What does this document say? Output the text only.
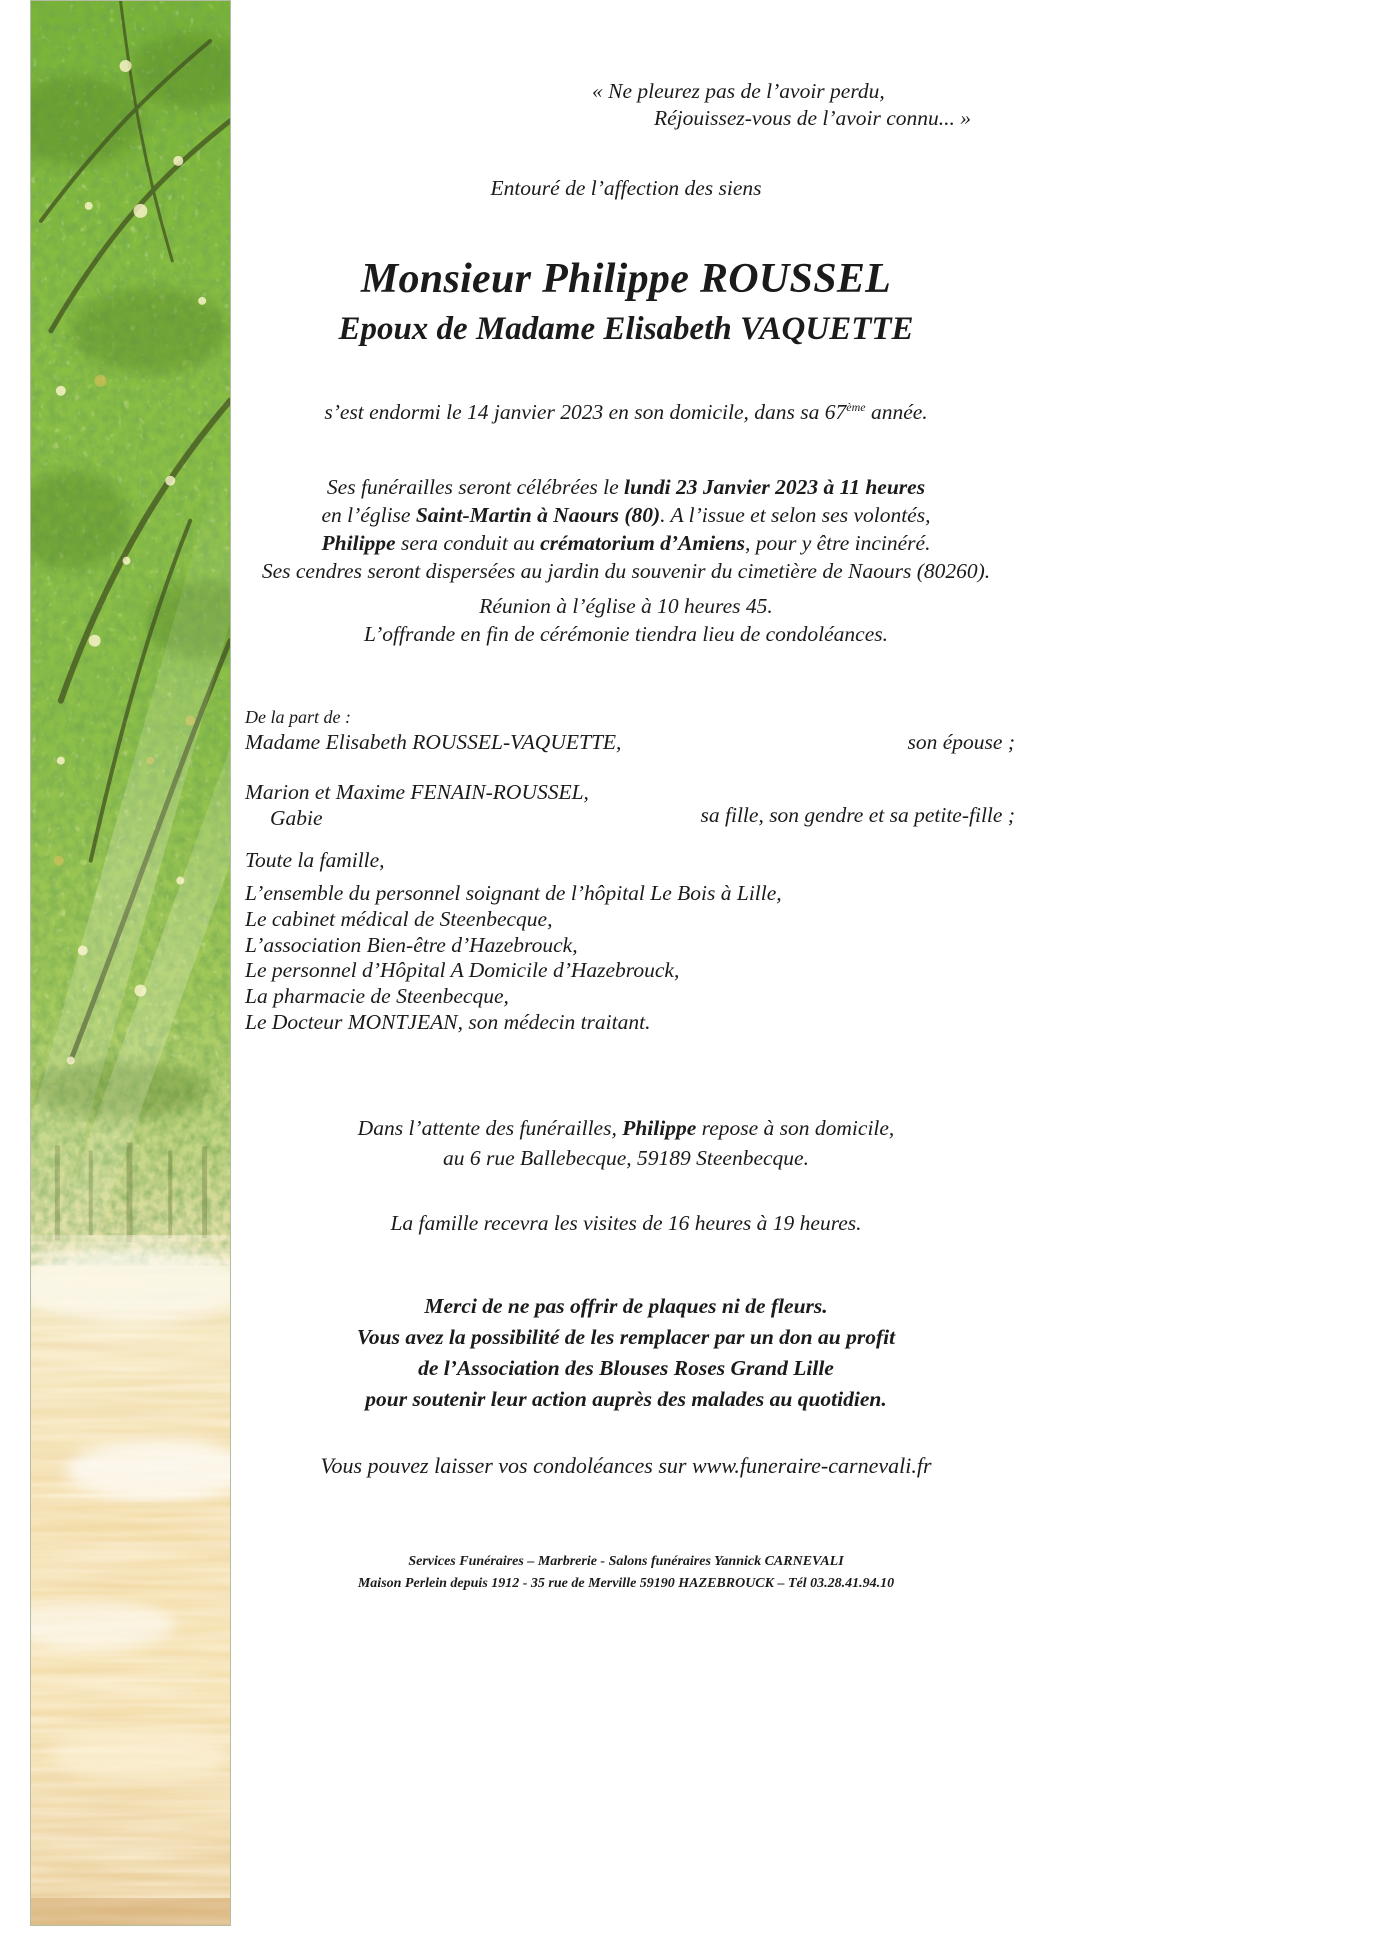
« Ne pleurez pas de l’avoir perdu,
Réjouissez-vous de l’avoir connu... »
Entouré de l’affection des siens
Monsieur Philippe ROUSSEL
Epoux de Madame Elisabeth VAQUETTE
s’est endormi le 14 janvier 2023 en son domicile, dans sa 67ème année.
Ses funérailles seront célébrées le lundi 23 Janvier 2023 à 11 heures
en l’église Saint-Martin à Naours (80). A l’issue et selon ses volontés,
Philippe sera conduit au crématorium d’Amiens, pour y être incinéré.
Ses cendres seront dispersées au jardin du souvenir du cimetière de Naours (80260).
Réunion à l’église à 10 heures 45.
L’offrande en fin de cérémonie tiendra lieu de condoléances.
De la part de :
Madame Elisabeth ROUSSEL-VAQUETTE,	son épouse ;
Marion et Maxime FENAIN-ROUSSEL,
sa fille, son gendre et sa petite-fille ;
Gabie
Toute la famille,
L’ensemble du personnel soignant de l’hôpital Le Bois à Lille,
Le cabinet médical de Steenbecque,
L’association Bien-être d’Hazebrouck,
Le personnel d’Hôpital A Domicile d’Hazebrouck,
La pharmacie de Steenbecque,
Le Docteur MONTJEAN, son médecin traitant.
Dans l’attente des funérailles, Philippe repose à son domicile,
au 6 rue Ballebecque, 59189 Steenbecque.
La famille recevra les visites de 16 heures à 19 heures.
Merci de ne pas offrir de plaques ni de fleurs.
Vous avez la possibilité de les remplacer par un don au profit
de l’Association des Blouses Roses Grand Lille
pour soutenir leur action auprès des malades au quotidien.
Vous pouvez laisser vos condoléances sur www.funeraire-carnevali.fr
Services Funéraires – Marbrerie - Salons funéraires Yannick CARNEVALI
Maison Perlein depuis 1912 - 35 rue de Merville 59190 HAZEBROUCK – Tél 03.28.41.94.10
